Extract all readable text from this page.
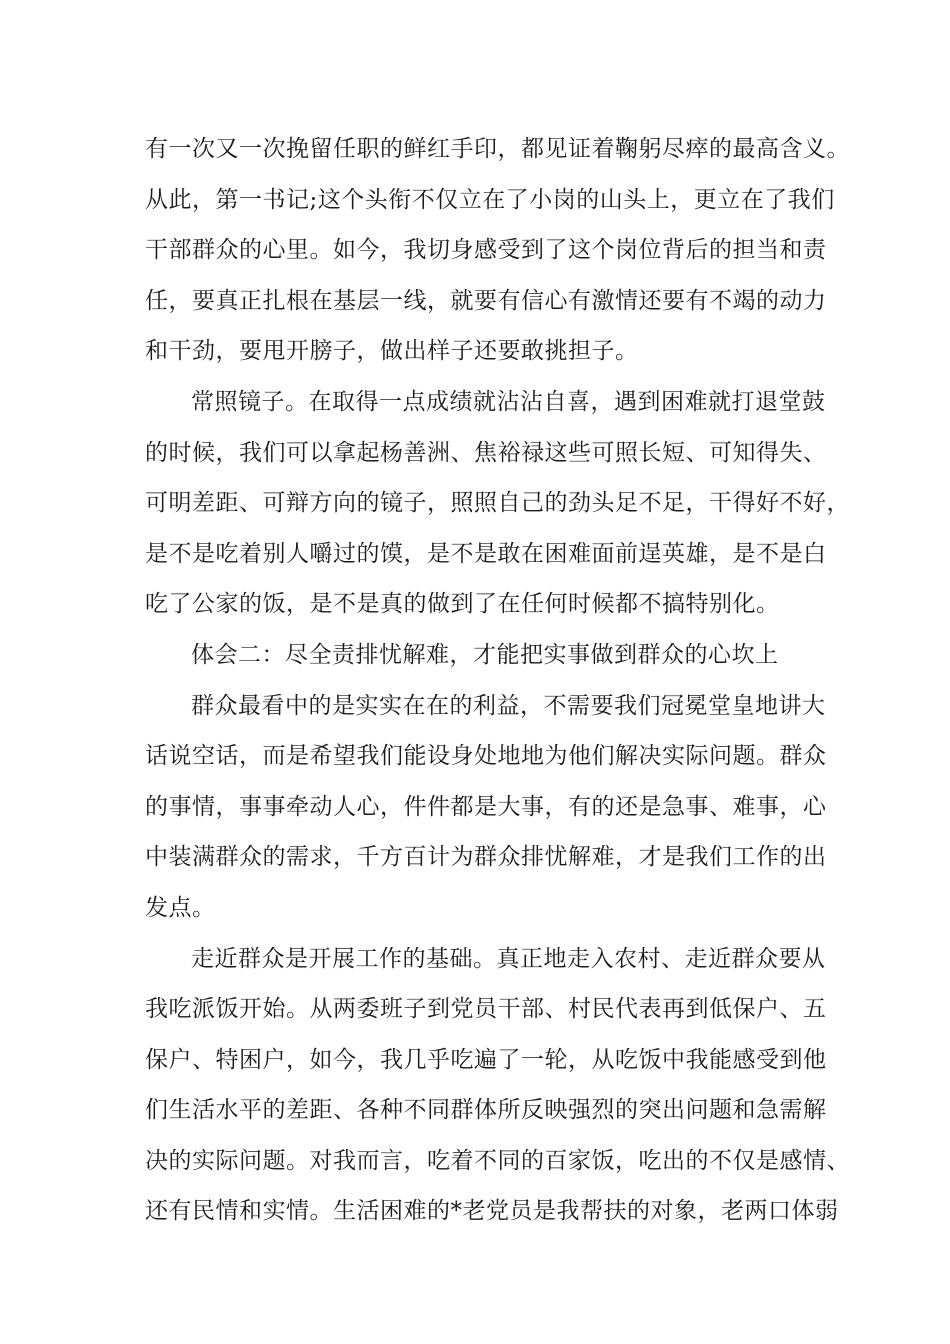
有一次又一次挽留任职的鲜红手印，都见证着鞠躬尽瘁的最高含义。
从此，第一书记;这个头衔不仅立在了小岗的山头上，更立在了我们
干部群众的心里。如今，我切身感受到了这个岗位背后的担当和责
任，要真正扎根在基层一线，就要有信心有激情还要有不竭的动力
和干劲，要甩开膀子，做出样子还要敢挑担子。
常照镜子。在取得一点成绩就沾沾自喜，遇到困难就打退堂鼓
的时候，我们可以拿起杨善洲、焦裕禄这些可照长短、可知得失、
可明差距、可辩方向的镜子，照照自己的劲头足不足，干得好不好，
是不是吃着别人嚼过的馍，是不是敢在困难面前逞英雄，是不是白
吃了公家的饭，是不是真的做到了在任何时候都不搞特别化。
体会二：尽全责排忧解难，才能把实事做到群众的心坎上
群众最看中的是实实在在的利益，不需要我们冠冕堂皇地讲大
话说空话，而是希望我们能设身处地地为他们解决实际问题。群众
的事情，事事牵动人心，件件都是大事，有的还是急事、难事，心
中装满群众的需求，千方百计为群众排忧解难，才是我们工作的出
发点。
走近群众是开展工作的基础。真正地走入农村、走近群众要从
我吃派饭开始。从两委班子到党员干部、村民代表再到低保户、五
保户、特困户，如今，我几乎吃遍了一轮，从吃饭中我能感受到他
们生活水平的差距、各种不同群体所反映强烈的突出问题和急需解
决的实际问题。对我而言，吃着不同的百家饭，吃出的不仅是感情、
还有民情和实情。生活困难的*老党员是我帮扶的对象，老两口体弱
